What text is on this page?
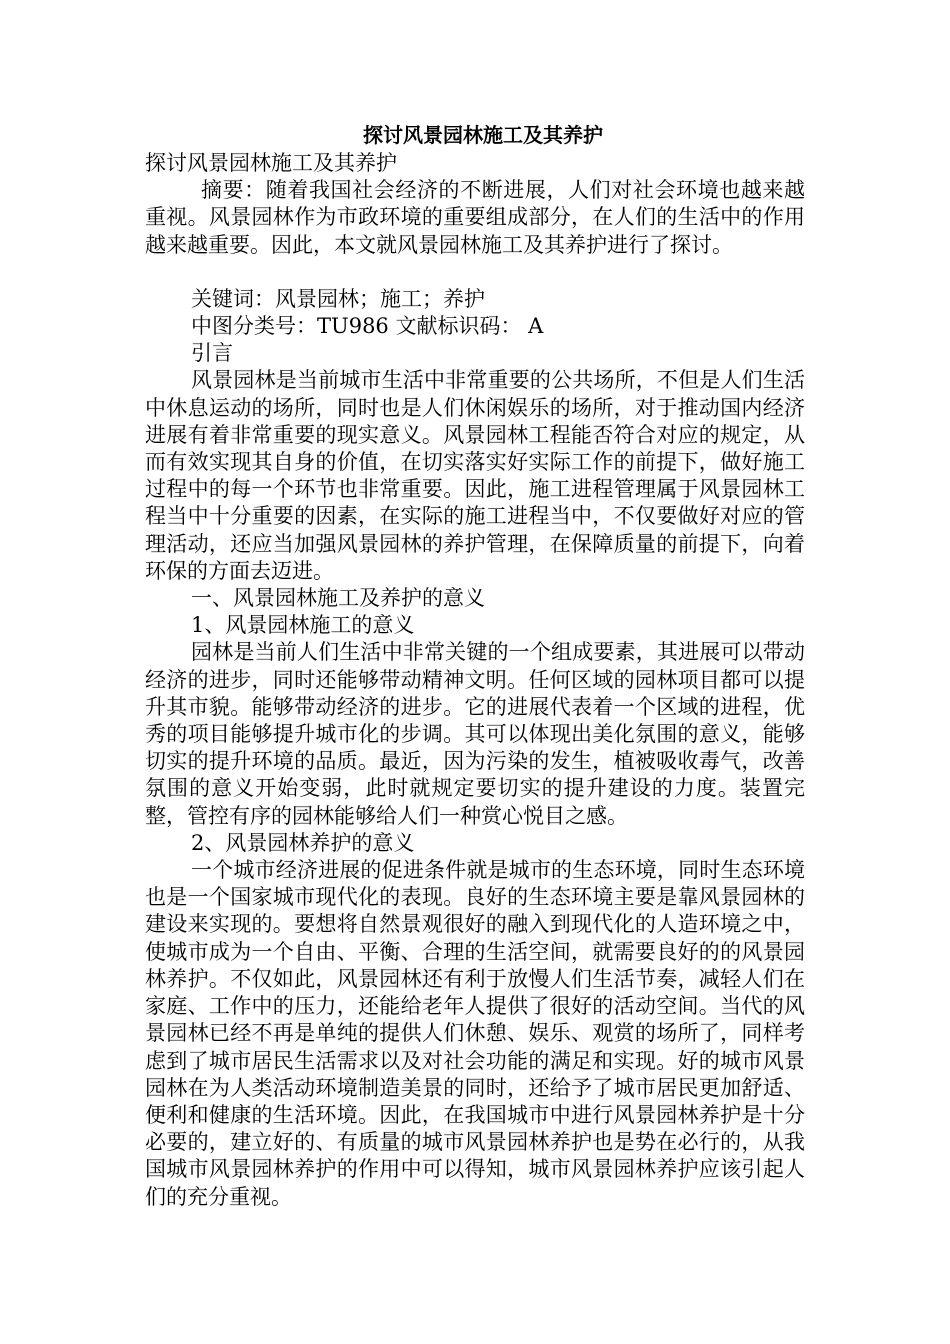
探讨风景园林施工及其养护

探讨风景园林施工及其养护

摘要：随着我国社会经济的不断进展，人们对社会环境也越来越重视。风景园林作为市政环境的重要组成部分，在人们的生活中的作用越来越重要。因此，本文就风景园林施工及其养护进行了探讨。

关键词：风景园林；施工；养护

中图分类号：TU986 文献标识码： A

引言

风景园林是当前城市生活中非常重要的公共场所，不但是人们生活中休息运动的场所，同时也是人们休闲娱乐的场所，对于推动国内经济进展有着非常重要的现实意义。风景园林工程能否符合对应的规定，从而有效实现其自身的价值，在切实落实好实际工作的前提下，做好施工过程中的每一个环节也非常重要。因此，施工进程管理属于风景园林工程当中十分重要的因素，在实际的施工进程当中，不仅要做好对应的管理活动，还应当加强风景园林的养护管理，在保障质量的前提下，向着环保的方面去迈进。

一、风景园林施工及养护的意义

1、风景园林施工的意义

园林是当前人们生活中非常关键的一个组成要素，其进展可以带动经济的进步，同时还能够带动精神文明。任何区域的园林项目都可以提升其市貌。能够带动经济的进步。它的进展代表着一个区域的进程，优秀的项目能够提升城市化的步调。其可以体现出美化氛围的意义，能够切实的提升环境的品质。最近，因为污染的发生，植被吸收毒气，改善氛围的意义开始变弱，此时就规定要切实的提升建设的力度。装置完整，管控有序的园林能够给人们一种赏心悦目之感。

2、风景园林养护的意义

一个城市经济进展的促进条件就是城市的生态环境，同时生态环境也是一个国家城市现代化的表现。良好的生态环境主要是靠风景园林的建设来实现的。要想将自然景观很好的融入到现代化的人造环境之中，使城市成为一个自由、平衡、合理的生活空间，就需要良好的的风景园林养护。不仅如此，风景园林还有利于放慢人们生活节奏，减轻人们在家庭、工作中的压力，还能给老年人提供了很好的活动空间。当代的风景园林已经不再是单纯的提供人们休憩、娱乐、观赏的场所了，同样考虑到了城市居民生活需求以及对社会功能的满足和实现。好的城市风景园林在为人类活动环境制造美景的同时，还给予了城市居民更加舒适、便利和健康的生活环境。因此，在我国城市中进行风景园林养护是十分必要的，建立好的、有质量的城市风景园林养护也是势在必行的，从我国城市风景园林养护的作用中可以得知，城市风景园林养护应该引起人们的充分重视。
